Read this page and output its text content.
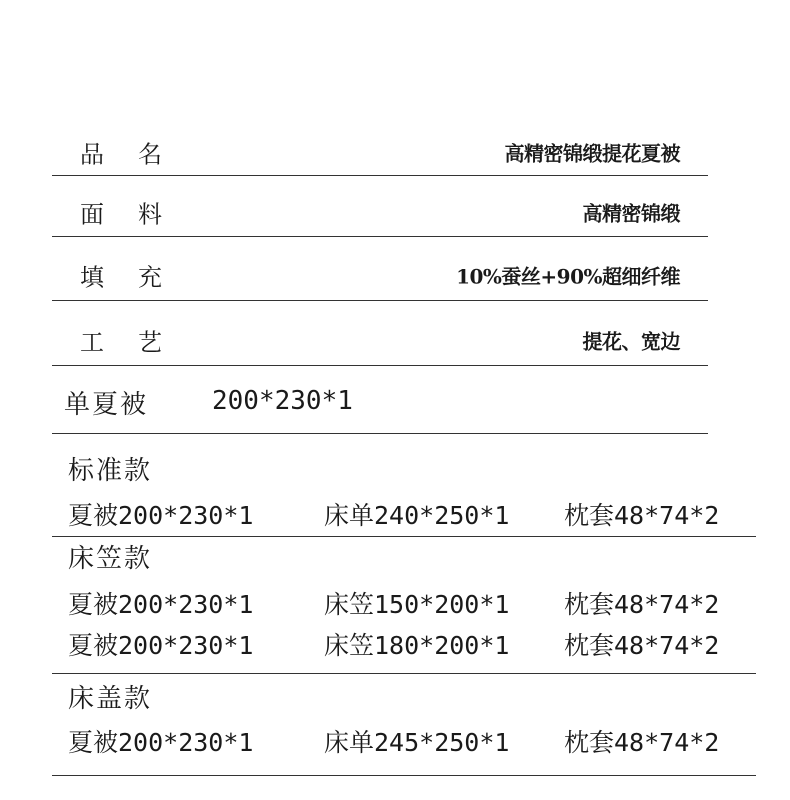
品名	高精密锦缎提花夏被
面料	高精密锦缎
填充	10%蚕丝+90%超细纤维
工艺	提花、宽边
单夏被 200*230*1
标准款
夏被200*230*1	床单240*250*1 枕套48*74*2
床笠款
夏被200*230*1	床笠150*200*1 枕套48*74*2
夏被200*230*1	床笠180*200*1 枕套48*74*2
床盖款
夏被200*230*1	床单245*250*1 枕套48*74*2
